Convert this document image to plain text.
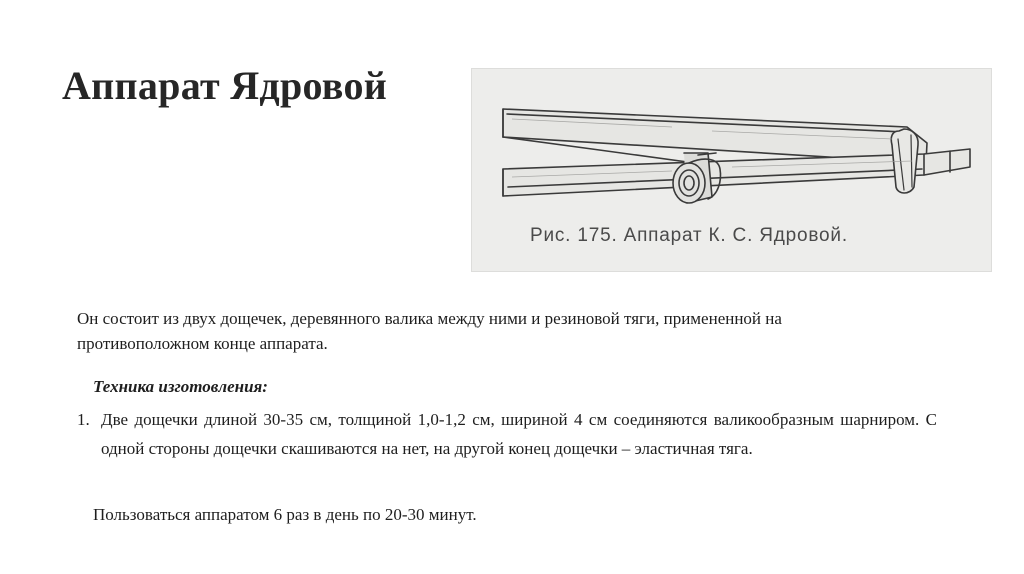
Аппарат Ядровой
Рис. 175. Аппарат К. С. Ядровой.
Он состоит из двух дощечек, деревянного валика между ними и резиновой тяги, примененной на противоположном конце аппарата.
Техника изготовления:
1. Две дощечки длиной 30-35 см, толщиной 1,0-1,2 см, шириной 4 см соединяются валикообразным шарниром. С одной стороны дощечки скашиваются на нет, на другой конец дощечки – эластичная тяга.
Пользоваться аппаратом 6 раз в день по 20-30 минут.
